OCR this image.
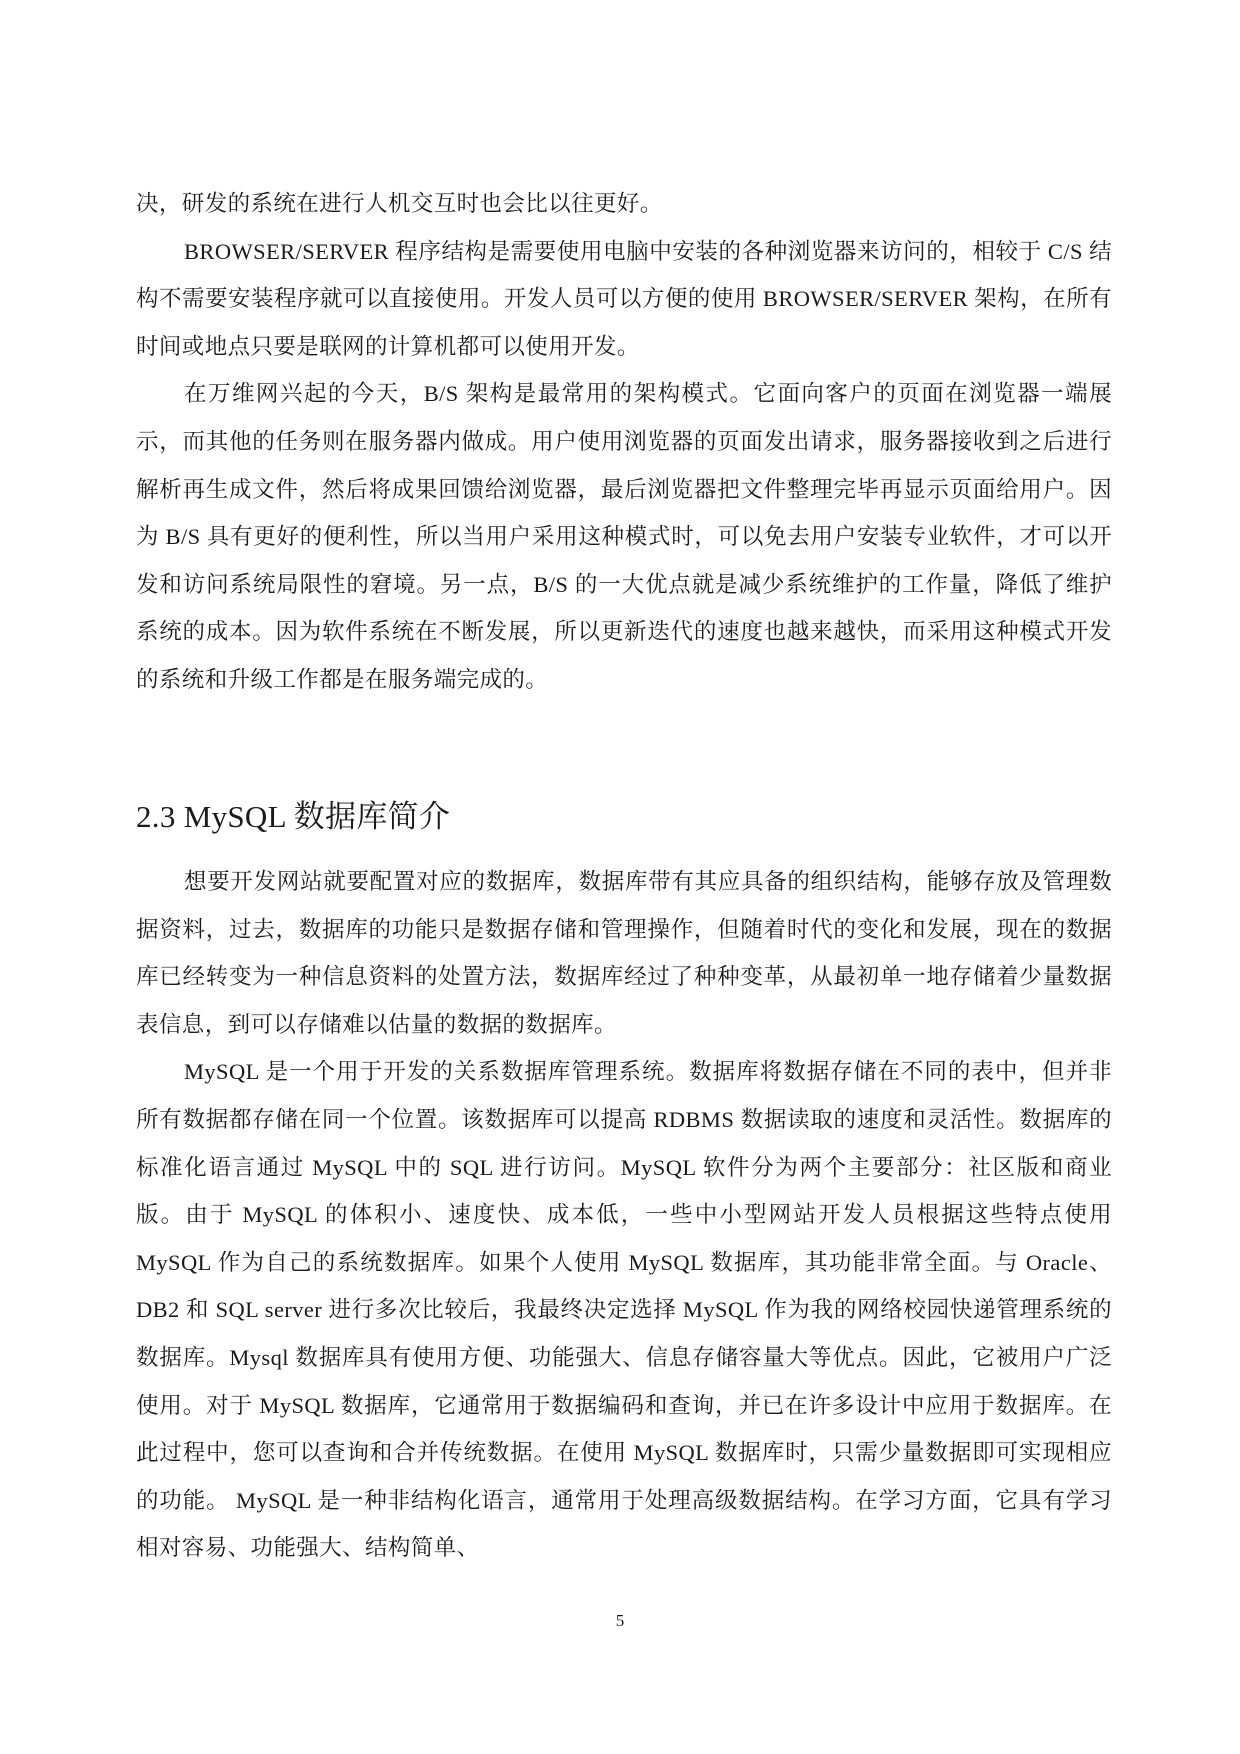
决，研发的系统在进行人机交互时也会比以往更好。

BROWSER/SERVER 程序结构是需要使用电脑中安装的各种浏览器来访问的，相较于 C/S 结构不需要安装程序就可以直接使用。开发人员可以方便的使用 BROWSER/SERVER 架构，在所有时间或地点只要是联网的计算机都可以使用开发。

在万维网兴起的今天，B/S 架构是最常用的架构模式。它面向客户的页面在浏览器一端展示，而其他的任务则在服务器内做成。用户使用浏览器的页面发出请求，服务器接收到之后进行解析再生成文件，然后将成果回馈给浏览器，最后浏览器把文件整理完毕再显示页面给用户。因为 B/S 具有更好的便利性，所以当用户采用这种模式时，可以免去用户安装专业软件，才可以开发和访问系统局限性的窘境。另一点，B/S 的一大优点就是减少系统维护的工作量，降低了维护系统的成本。因为软件系统在不断发展，所以更新迭代的速度也越来越快，而采用这种模式开发的系统和升级工作都是在服务端完成的。

2.3 MySQL 数据库简介

想要开发网站就要配置对应的数据库，数据库带有其应具备的组织结构，能够存放及管理数据资料，过去，数据库的功能只是数据存储和管理操作，但随着时代的变化和发展，现在的数据库已经转变为一种信息资料的处置方法，数据库经过了种种变革，从最初单一地存储着少量数据表信息，到可以存储难以估量的数据的数据库。

MySQL 是一个用于开发的关系数据库管理系统。数据库将数据存储在不同的表中，但并非所有数据都存储在同一个位置。该数据库可以提高 RDBMS 数据读取的速度和灵活性。数据库的标准化语言通过 MySQL 中的 SQL 进行访问。MySQL 软件分为两个主要部分：社区版和商业版。由于 MySQL 的体积小、速度快、成本低，一些中小型网站开发人员根据这些特点使用 MySQL 作为自己的系统数据库。如果个人使用 MySQL 数据库，其功能非常全面。与 Oracle、DB2 和 SQL server 进行多次比较后，我最终决定选择 MySQL 作为我的网络校园快递管理系统的数据库。Mysql 数据库具有使用方便、功能强大、信息存储容量大等优点。因此，它被用户广泛使用。对于 MySQL 数据库，它通常用于数据编码和查询，并已在许多设计中应用于数据库。在此过程中，您可以查询和合并传统数据。在使用 MySQL 数据库时，只需少量数据即可实现相应的功能。 MySQL 是一种非结构化语言，通常用于处理高级数据结构。在学习方面，它具有学习相对容易、功能强大、结构简单、

5
